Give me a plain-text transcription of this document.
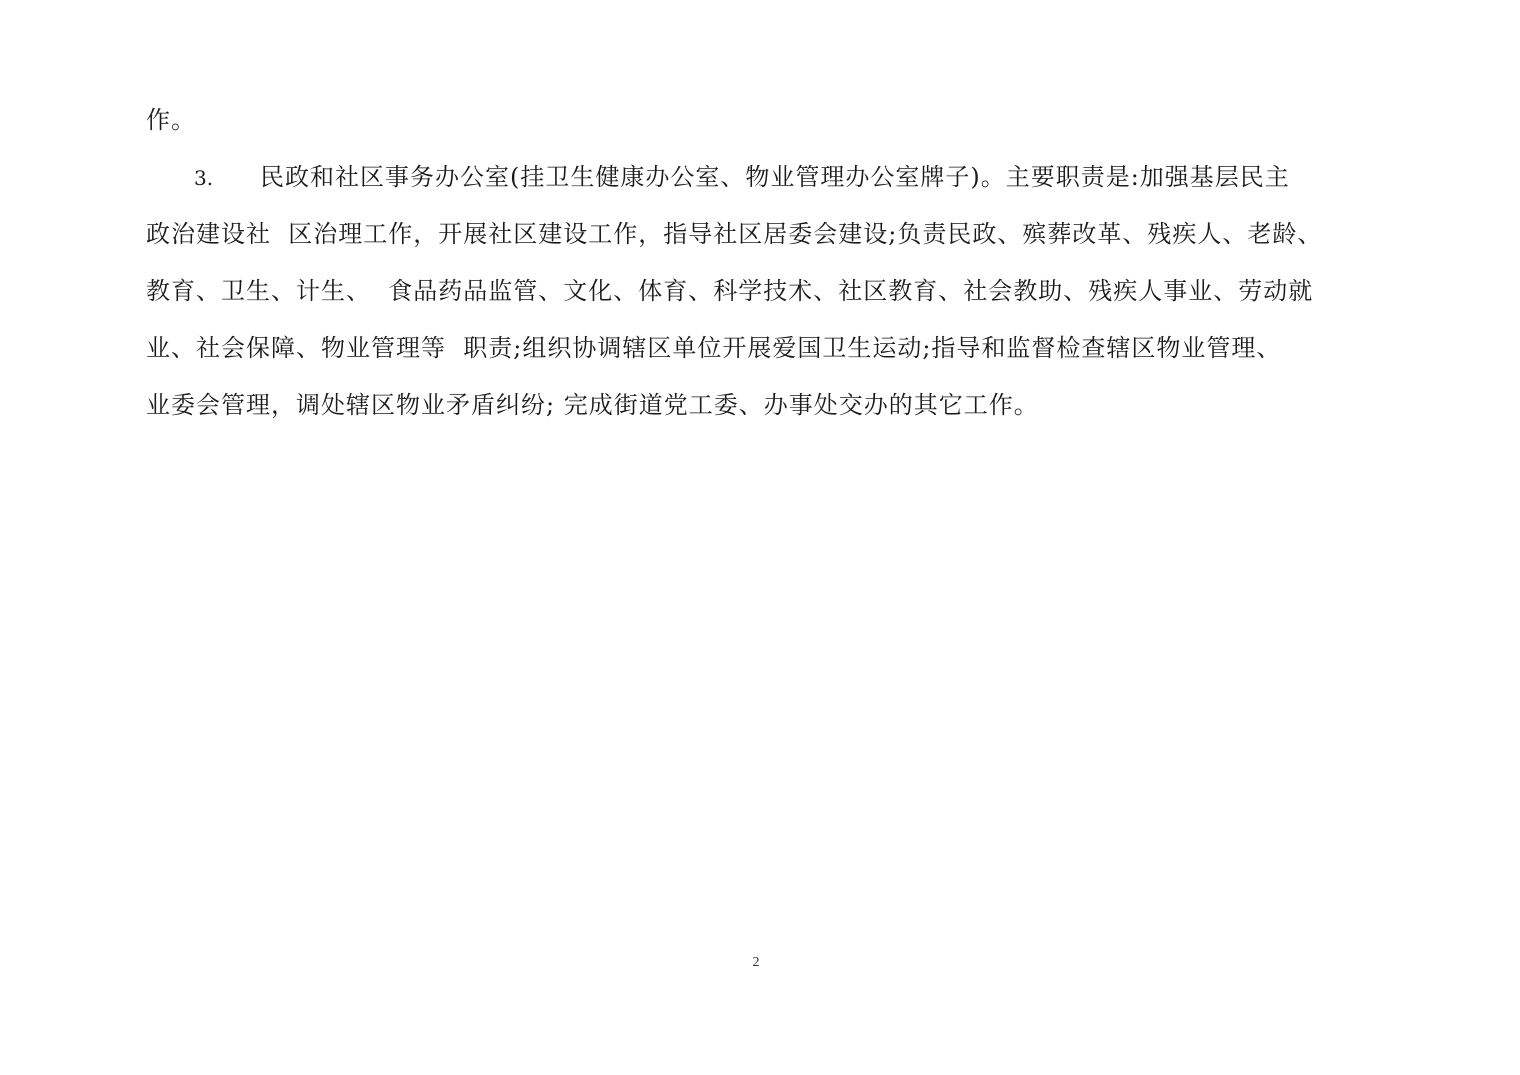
作。
3. 民政和社区事务办公室(挂卫生健康办公室、物业管理办公室牌子)。主要职责是:加强基层民主
政治建设社  区治理工作，开展社区建设工作，指导社区居委会建设;负责民政、殡葬改革、残疾人、老龄、
教育、卫生、计生、  食品药品监管、文化、体育、科学技术、社区教育、社会教助、残疾人事业、劳动就
业、社会保障、物业管理等  职责;组织协调辖区单位开展爱国卫生运动;指导和监督检查辖区物业管理、
业委会管理，调处辖区物业矛盾纠纷; 完成街道党工委、办事处交办的其它工作。
2
